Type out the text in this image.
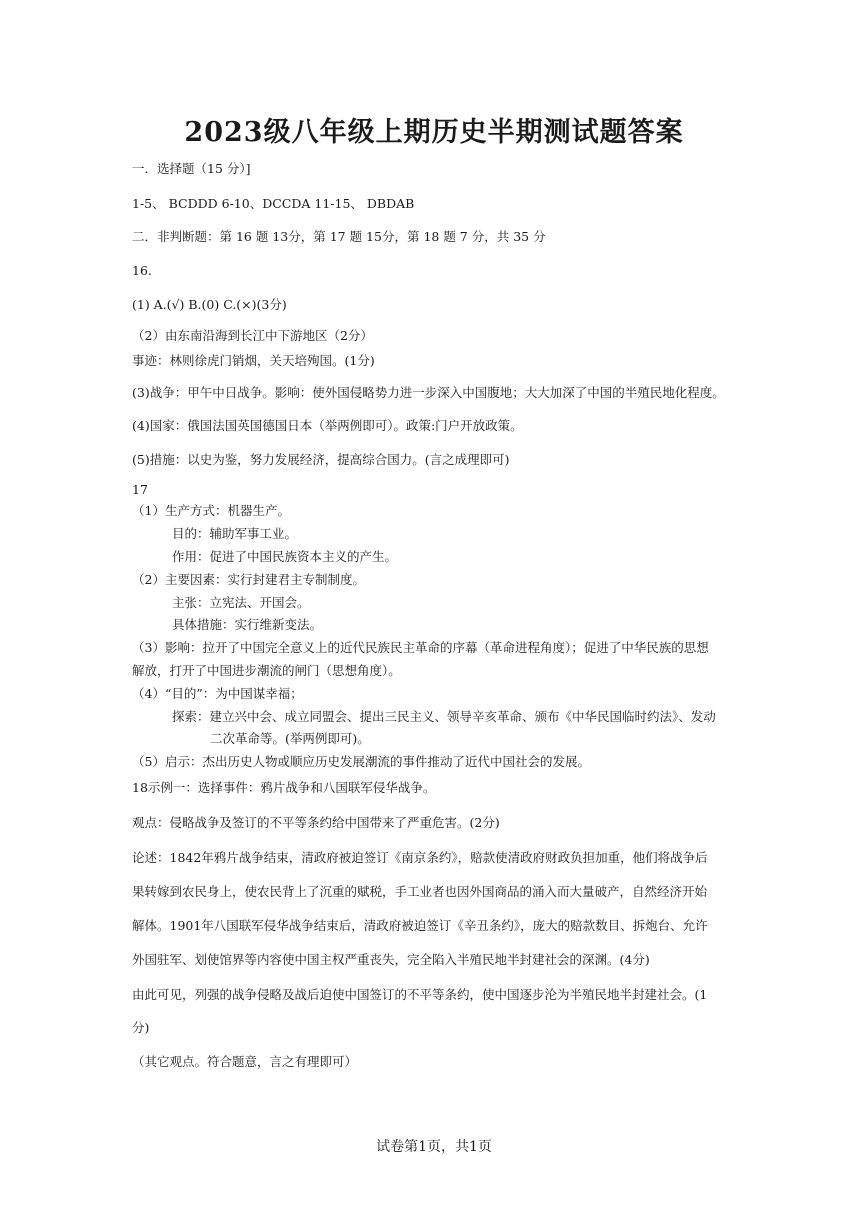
2023级八年级上期历史半期测试题答案
一．选择题（15 分）]
1-5、 BCDDD 6-10、DCCDA 11-15、 DBDAB
二．非判断题：第 16 题 13分，第 17 题 15分，第 18 题 7 分，共 35 分
16.
(1) A.(√) B.(0) C.(×)(3分)
（2）由东南沿海到长江中下游地区（2分）
事迹：林则徐虎门销烟，关天培殉国。(1分)
(3)战争：甲午中日战争。影响：使外国侵略势力进一步深入中国腹地；大大加深了中国的半殖民地化程度。
(4)国家：俄国法国英国德国日本（举两例即可）。政策:门户开放政策。
(5)措施：以史为鉴，努力发展经济，提高综合国力。(言之成理即可)
17
（1）生产方式：机器生产。
目的：辅助军事工业。
作用：促进了中国民族资本主义的产生。
（2）主要因素：实行封建君主专制制度。
主张：立宪法、开国会。
具体措施：实行维新变法。
（3）影响：拉开了中国完全意义上的近代民族民主革命的序幕（革命进程角度）；促进了中华民族的思想
解放，打开了中国进步潮流的闸门（思想角度）。
（4）“目的”：为中国谋幸福；
探索：建立兴中会、成立同盟会、提出三民主义、领导辛亥革命、颁布《中华民国临时约法》、发动
二次革命等。(举两例即可)。
（5）启示：杰出历史人物或顺应历史发展潮流的事件推动了近代中国社会的发展。
18示例一：选择事件：鸦片战争和八国联军侵华战争。
观点：侵略战争及签订的不平等条约给中国带来了严重危害。(2分)
论述：1842年鸦片战争结束，清政府被迫签订《南京条约》，赔款使清政府财政负担加重，他们将战争后
果转嫁到农民身上，使农民背上了沉重的赋税，手工业者也因外国商品的涌入而大量破产，自然经济开始
解体。1901年八国联军侵华战争结束后，清政府被迫签订《辛丑条约》，庞大的赔款数目、拆炮台、允许
外国驻军、划使馆界等内容使中国主权严重丧失，完全陷入半殖民地半封建社会的深渊。(4分)
由此可见，列强的战争侵略及战后迫使中国签订的不平等条约，使中国逐步沦为半殖民地半封建社会。(1
分)
（其它观点。符合题意，言之有理即可）
试卷第1页，共1页
